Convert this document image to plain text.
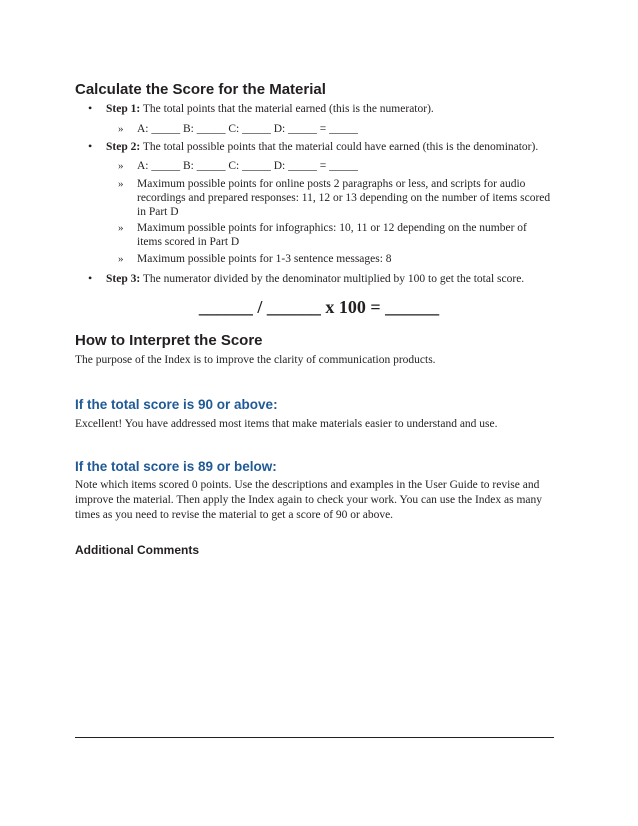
Calculate the Score for the Material
• Step 1: The total points that the material earned (this is the numerator).
» A: _____ B: _____ C: _____ D: _____ = _____
• Step 2: The total possible points that the material could have earned (this is the denominator).
» A: _____ B: _____ C: _____ D: _____ = _____
» Maximum possible points for online posts 2 paragraphs or less, and scripts for audio recordings and prepared responses: 11, 12 or 13 depending on the number of items scored in Part D
» Maximum possible points for infographics: 10, 11 or 12 depending on the number of items scored in Part D
» Maximum possible points for 1-3 sentence messages: 8
• Step 3: The numerator divided by the denominator multiplied by 100 to get the total score.
______ / ______ x 100 = ______
How to Interpret the Score

The purpose of the Index is to improve the clarity of communication products.

If the total score is 90 or above:

Excellent! You have addressed most items that make materials easier to understand and use.

If the total score is 89 or below:

Note which items scored 0 points. Use the descriptions and examples in the User Guide to revise and improve the material. Then apply the Index again to check your work. You can use the Index as many times as you need to revise the material to get a score of 90 or above.

Additional Comments
